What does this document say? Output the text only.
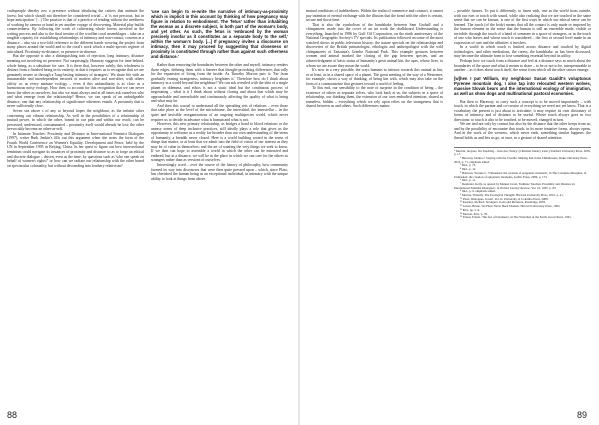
craftspeople thereby row a presence without idealizing the critters that animate the forest; but which should not therefore be considered trivial – it 'is not precious, but in hope anticipation.' [...] The practice is that of a practice of tending without the neediness of working by camera or hand in yet another voyage of discovering. Material play builds connectedness. By following the work of cultivating whole forests involved in the writing process and also to the final treatise of the woollen coral assemblages – take on a tangible capacity for establishing relationships of intimacy and non-contact; concern at a distance – also via a two-fold reference to the different hands weaving the project from many places around the world and to the coral's work which a multi-species register of articulated. Proximity-as-distance, or presence-in-absence.

But the opposite is also a distinguishing trait of rejection, long intimacy, distance meaning not involving no presence. Not surprisingly, Haraway suggests for time behind, whole being, as a substitute for care. It is there that, however subtly, this wholeness is distinct from a finished being in its entirety, in that it requires us to recognize that we are genuinely nearer as through a 'long-lasting intimacy of strangers'. We share life with an innumerable and interdependent network of matters alive and non-alive, with others ofifity or, as every animate ecology – even if this unfamiliarity is as close as a harmonious noisy ecology. How then, to account for this recognition that we can never know the other as ourselves, but also we must always and at all times ask ourselves who and what emerge from the relationship? Hence, we can speak of an unbridgeable distance, one that any relationship of significance otherness entails. A proximity that is never sufficiently close.

Seven sea above s of any to beyond hopes the neighbour, as the infinite other concerning our vibrant relationship. As well in the possibilities of a relationship of mutual power, in which the other, bound in our pain and within our reach, can be possessed, understood, consummated – proximity itself would already be lost; the other irrevocably become an other-as-self.

In Intimate Touches: Proximity and Distance in Inter-national Feminist Dialogues (1997), writer Ruth Jenkin's fills out this argument when she notes the form of the Fourth World Conference on Women's Equality, Development and Peace, held by the UN in September 1995 in Beijing, China. In her quest to figure out how intersectional feminism could navigate its instances of proximity and distance so as to forge an ethical and discrete dialogue – driven, even as the time, by questions such as 'who can speak on behalf of women's rights?' or how can we radiate our relationship with the other based on spectacular coloniality, but without descending into feathery relativism?

'use can begin to re-write the narrative of intimacy-as-proximity which is implicit in this account by thinking of how pregnancy may figure in relation to embodiment. The 'fetus' rather than inhabiting the woman as a discrete subject, is both part of the woman's body, and yet other. As such, the fetus is 'embraced by the woman precisely insofar as it constitutes as a separate body to the self,' within the woman's body. [...] If pregnancy invites a discourse on intimacy, then it may proceed by suggesting that closeness or proximity is constituted through rather than against such otherness and distance.'

Rather than removing the boundaries between the other and myself, intimacy renders those edges, defining them with a listener that thought-provoking differences that rally for the expansion of living from the inside. As Timothy Morton puts it: 'Far from gradually erasing strangeness, intimacy heightens it.' Therefore how do I think about intimacy in a world beyond the neighbour? We can ask wrestled with the idea of a single planet in dilemma, and ethics is not a static ideal but the continuous process of negotiating – what is it I think about without closing and about that which may be approachable and unreachable and continuously affecting the quality of what is being and what may be.

And then this crucial to understand all the spreading sets of relations – even those that take place at the level of the microbiome, the interstitial, the interstellar – in the quiet and invisible reorganizations of an ongoing multispecies world, which never requires us to decide in advance what is human and what is not.

However, this new primary relationship, as bridges a bond to blood relations or the uneasy zones of deep inclusive practices, still ideally plays a role that gives us the opportunity to welcome as a reality far broader than our own understanding of the terms of humanity, a breadth never closed. Here is a world building rooted in the sense of things that matter, or at least that we admit into the field of vision of our interest as they may be of value in themselves; and the art of wanting the very things we seek to know. If we then can hope to assemble a world in which the other can be entrusted and endured, but at a distance, we will be in the place in which we can care for the others as strangers rather than as versions of ourselves.

Interestingly word – over the course of the history of philosophy, how community formed its way into discourses that were then quite pressed upon – which, since Plato, has cherished the human being as an exceptional individual, in intimacy with the unique ability to look at things from above.

mutual conditions of indebtedness. Within the realm of commerce and contract, it cannot pay intention of eternal exchange with the illusion that the bond with the other is certain, secure and those time.

That is also the symbolism of the handshake between Sam Grohall and a chimpanzee, made into the cover of an art work the chalkboard Understanding is everything, launched in 1986 by Gulf Oil Corporation, on the ninth anniversary of the National Geographic Society's TV specials. Its publication followed on some of the most watched shows in public television history: the nature specials on the relationships and discoveries of the British primatologist, ethologist and anthropologist with the wild chimpanzees of Tanzania's Gombe National Park. This example gestures between women and animal marked the closing of the gap between species, and an acknowledgment of basic status of humanity's great animal kin, the apes, whose lives, to whom we are aware they mean the world.

It's now in a very possible, the ways humans to interact towards this animal as kin, or at least, as in a shared space of a planet. The great meeting of the way of a Westerner, for example, shows a way of thinking, of being kin with, which may also take on the form of a commonsense that gestures toward a world of feeling.

To this end, our sensibility to the note of surprise in the condition of being – the existence of others as separate selves, who look back at us, the subjects in a space of relationship, our thinking them, the extension of our own embodied attention, shared as nameless, hidden – everything which we rely upon relies on the strangeness that is shared between us and others. Such differences matter.

– possible futures. To put it differently, to listen with, one as the world from outside, with our ears or touch with sound, while also realizing that we are touched in the same sense that we can be known, is one of the first ways in which our ethical sense can be learned. The touch (of the body) means that all the contact is only made or imposed by the human element in the sense that the human is still an ensemble made, visible or invisible: through the touch of a hand of someone in a space of strangers, or in the touch of one who leaves and whose touch is considered – the first or second level made in an expression of care and the affinities it involves.

In a world in which touch is limited across distance and touched by digital technologies, and other mediations, the caress, the handshake, as has been discussed, may become the ultimate form to lose something essential beyond its utility.

Perhaps how we touch from a distance and feel at a distance says as much about the boundaries of the space and what it means to share – to be or not to be, interpermeable to another – as it does about touch itself, the sense from which all the other senses emerge.

[w]hen I put William, my neighbour Susan Gauldt's voluptuous Pyrenee mountain dog, I also tap into relocated western wolves, massive Slovak bears and the international ecology of immigration, as well as show dogs and multinational pastoral economies.

But then to Haraway, to carry such a concept is to be moved importantly – with touch, in which the partner and co-creator of everything we need not yet know. That is a vocabulary the present is just about to articulate; it may require its own dictionary of forms of intimacy and of distance to be useful. Where touch always goes in two directions: to touch is also to be touched, to be moved, changed in turn.

We are tied not only by contact but also by the distance that the other keeps from us, and by the possibility of encounter that touch, in its more tentative forms, always opens. And in the work of the weavers, which never ends, something similar happens: the thread holds us and lets us go, at once, in a gesture of shared attention.

¹ Derrida, Jacques, On Touching – Jean-Luc Nancy. (Christine Irizarry trans.) Stanford University Press, 2005, p. 17.

² Haraway, Donna J. Staying with the Trouble: Making Kin in the Chthulucene. Duke University Press, 2016, p. 71, emphasis added.

³ Ibid., p. 73.

⁴ Ibid., p. 12.

⁵ Harrison, Yvonne C. 'Unmasked: the creation of epigenetic moments', in The Complete Metaphor, in Unmasked: the creation of epigenetic moments, Gothic Press, 2009, p. 173.

⁶ Ibid., p. 11.

⁷ Desmond, Kelly, as quoted by Manuel Jacob, 'Intimate Touches: Proximity and Distance in International Feminist Dialogues', in Oxford Literary Review, Vol. 19, 1997, p. 83.

⁸ Ibid., p. 9, emphasis added.

⁹ Morton, Timothy. The Ecological Thought. Harvard University Press, 2010, p. 41.

¹⁰ Plato, Dialogues. Jowett. Vol. II. University of Colombo Press, 2008.

¹¹ Kearney, Richard. Strangers, Gods and Monsters, Routledge, 2003.

¹² Latour, Bruno. We Have Never Been Modern. Harvard University Press, 1993.

¹³ Ibid., pp. 5–6.

¹⁴ Morton, ibid., p. 78.

¹⁵ Fanon, Frantz. 'The fact of blackness', in The Wretched of the Earth, Grove Press, 1961.

88	89
